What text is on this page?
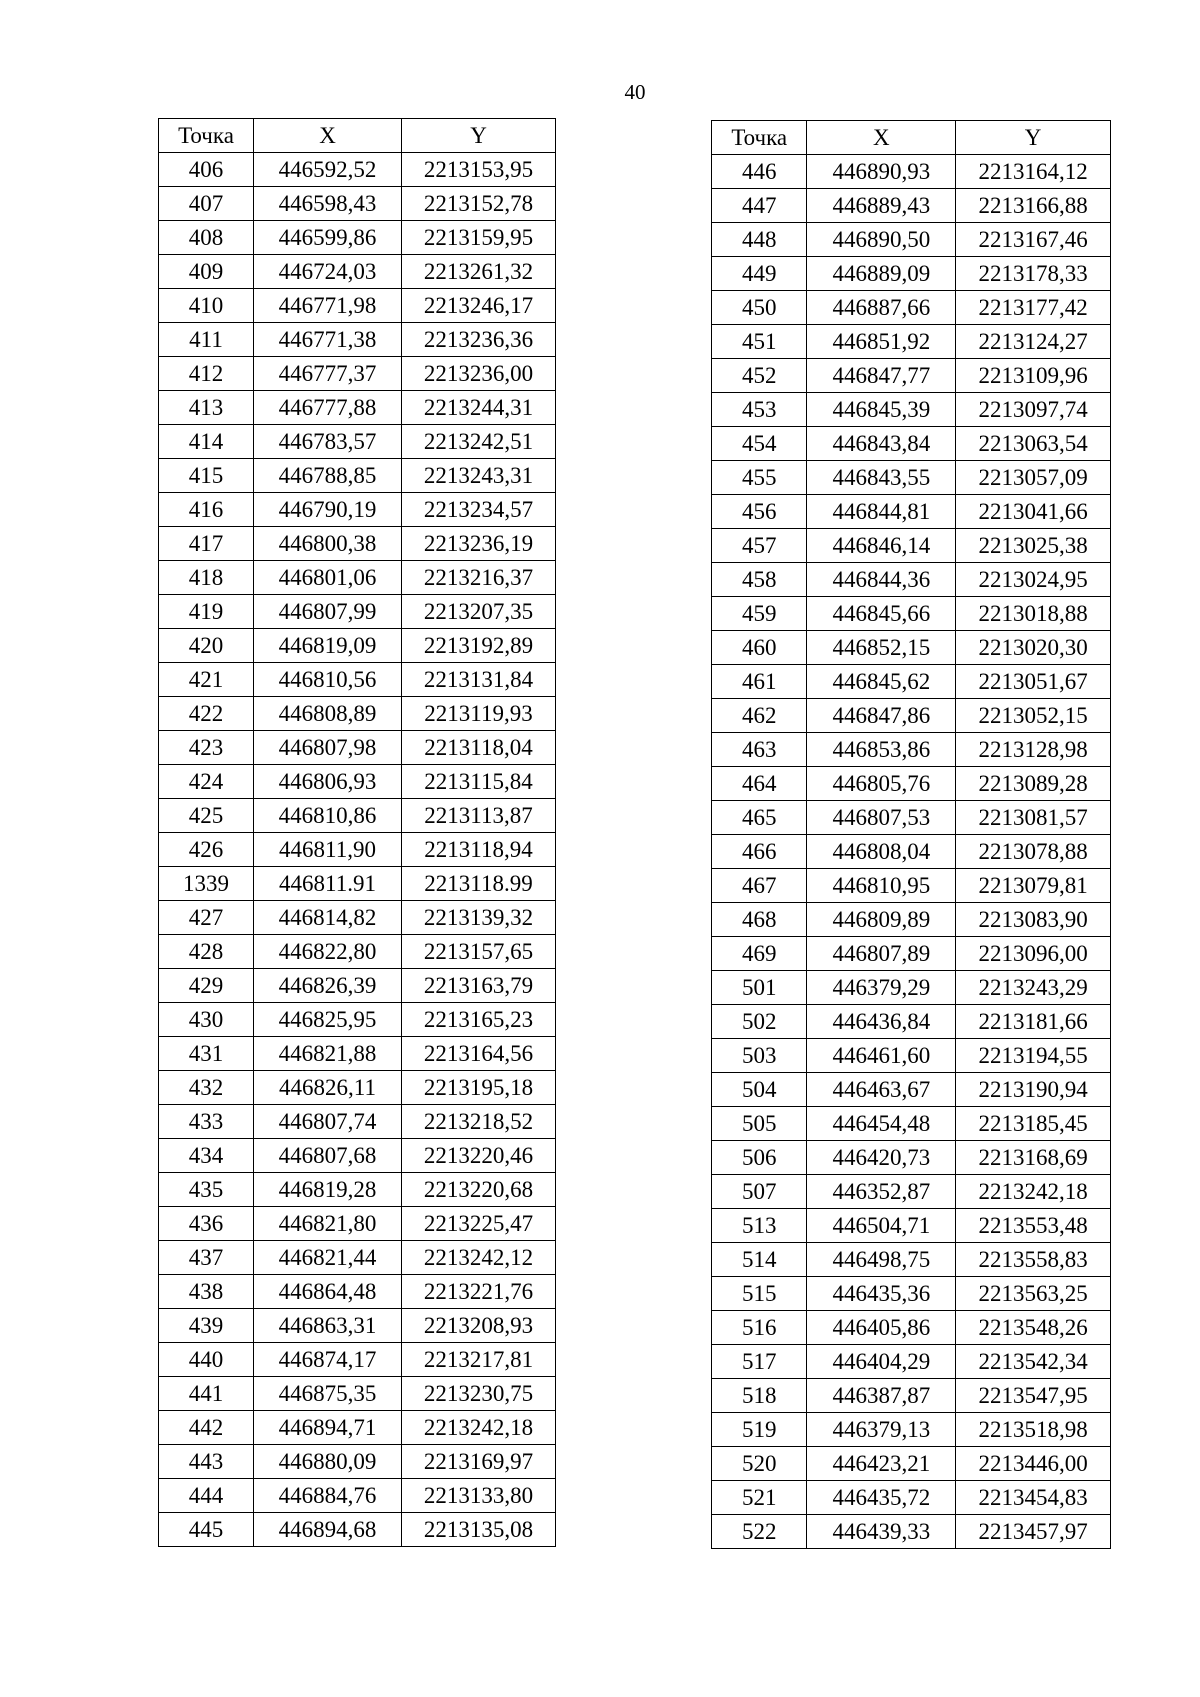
40
Точка	X	Y
406	446592,52	2213153,95
407	446598,43	2213152,78
408	446599,86	2213159,95
409	446724,03	2213261,32
410	446771,98	2213246,17
411	446771,38	2213236,36
412	446777,37	2213236,00
413	446777,88	2213244,31
414	446783,57	2213242,51
415	446788,85	2213243,31
416	446790,19	2213234,57
417	446800,38	2213236,19
418	446801,06	2213216,37
419	446807,99	2213207,35
420	446819,09	2213192,89
421	446810,56	2213131,84
422	446808,89	2213119,93
423	446807,98	2213118,04
424	446806,93	2213115,84
425	446810,86	2213113,87
426	446811,90	2213118,94
1339	446811.91	2213118.99
427	446814,82	2213139,32
428	446822,80	2213157,65
429	446826,39	2213163,79
430	446825,95	2213165,23
431	446821,88	2213164,56
432	446826,11	2213195,18
433	446807,74	2213218,52
434	446807,68	2213220,46
435	446819,28	2213220,68
436	446821,80	2213225,47
437	446821,44	2213242,12
438	446864,48	2213221,76
439	446863,31	2213208,93
440	446874,17	2213217,81
441	446875,35	2213230,75
442	446894,71	2213242,18
443	446880,09	2213169,97
444	446884,76	2213133,80
445	446894,68	2213135,08
Точка	X	Y
446	446890,93	2213164,12
447	446889,43	2213166,88
448	446890,50	2213167,46
449	446889,09	2213178,33
450	446887,66	2213177,42
451	446851,92	2213124,27
452	446847,77	2213109,96
453	446845,39	2213097,74
454	446843,84	2213063,54
455	446843,55	2213057,09
456	446844,81	2213041,66
457	446846,14	2213025,38
458	446844,36	2213024,95
459	446845,66	2213018,88
460	446852,15	2213020,30
461	446845,62	2213051,67
462	446847,86	2213052,15
463	446853,86	2213128,98
464	446805,76	2213089,28
465	446807,53	2213081,57
466	446808,04	2213078,88
467	446810,95	2213079,81
468	446809,89	2213083,90
469	446807,89	2213096,00
501	446379,29	2213243,29
502	446436,84	2213181,66
503	446461,60	2213194,55
504	446463,67	2213190,94
505	446454,48	2213185,45
506	446420,73	2213168,69
507	446352,87	2213242,18
513	446504,71	2213553,48
514	446498,75	2213558,83
515	446435,36	2213563,25
516	446405,86	2213548,26
517	446404,29	2213542,34
518	446387,87	2213547,95
519	446379,13	2213518,98
520	446423,21	2213446,00
521	446435,72	2213454,83
522	446439,33	2213457,97
